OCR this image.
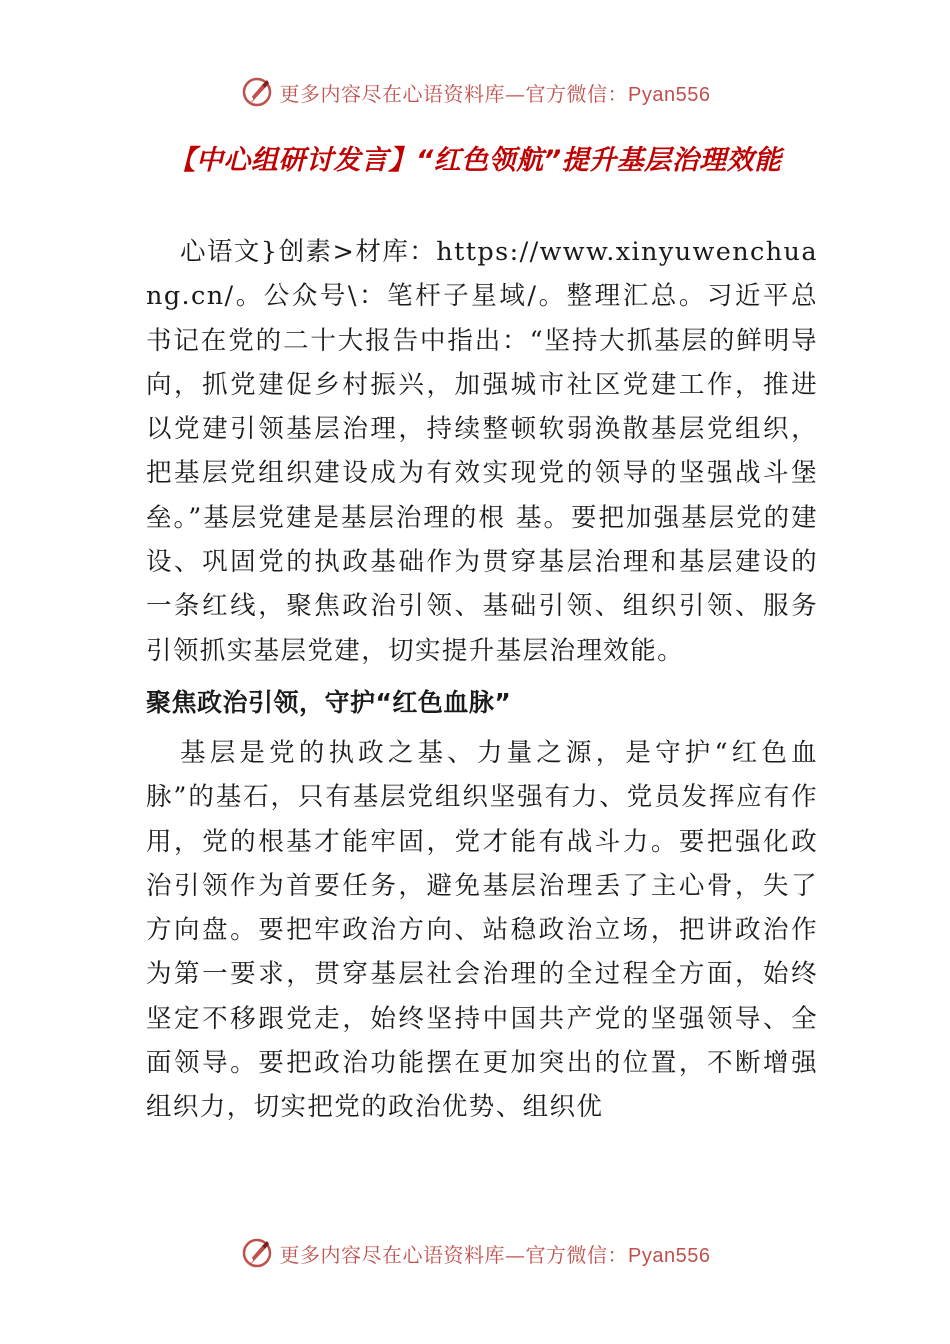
更多内容尽在心语资料库—官方微信：Pyan556
【中心组研讨发言】“红色领航”提升基层治理效能

心语文}创素>材库：https://www.xinyuwenchuang.cn/。公众号\：笔杆子星域/。整理汇总。习近平总书记在党的二十大报告中指出：“坚持大抓基层的鲜明导向，抓党建促乡村振兴，加强城市社区党建工作，推进以党建引领基层治理，持续整顿软弱涣散基层党组织，把基层党组织建设成为有效实现党的领导的坚强战斗堡垒。”基层党建是基层治理的根 基。要把加强基层党的建设、巩固党的执政基础作为贯穿基层治理和基层建设的一条红线，聚焦政治引领、基础引领、组织引领、服务引领抓实基层党建，切实提升基层治理效能。

聚焦政治引领，守护“红色血脉”

基层是党的执政之基、力量之源，是守护“红色血脉”的基石，只有基层党组织坚强有力、党员发挥应有作用，党的根基才能牢固，党才能有战斗力。要把强化政治引领作为首要任务，避免基层治理丢了主心骨，失了方向盘。要把牢政治方向、站稳政治立场，把讲政治作为第一要求，贯穿基层社会治理的全过程全方面，始终坚定不移跟党走，始终坚持中国共产党的坚强领导、全面领导。要把政治功能摆在更加突出的位置，不断增强组织力，切实把党的政治优势、组织优

更多内容尽在心语资料库—官方微信：Pyan556
